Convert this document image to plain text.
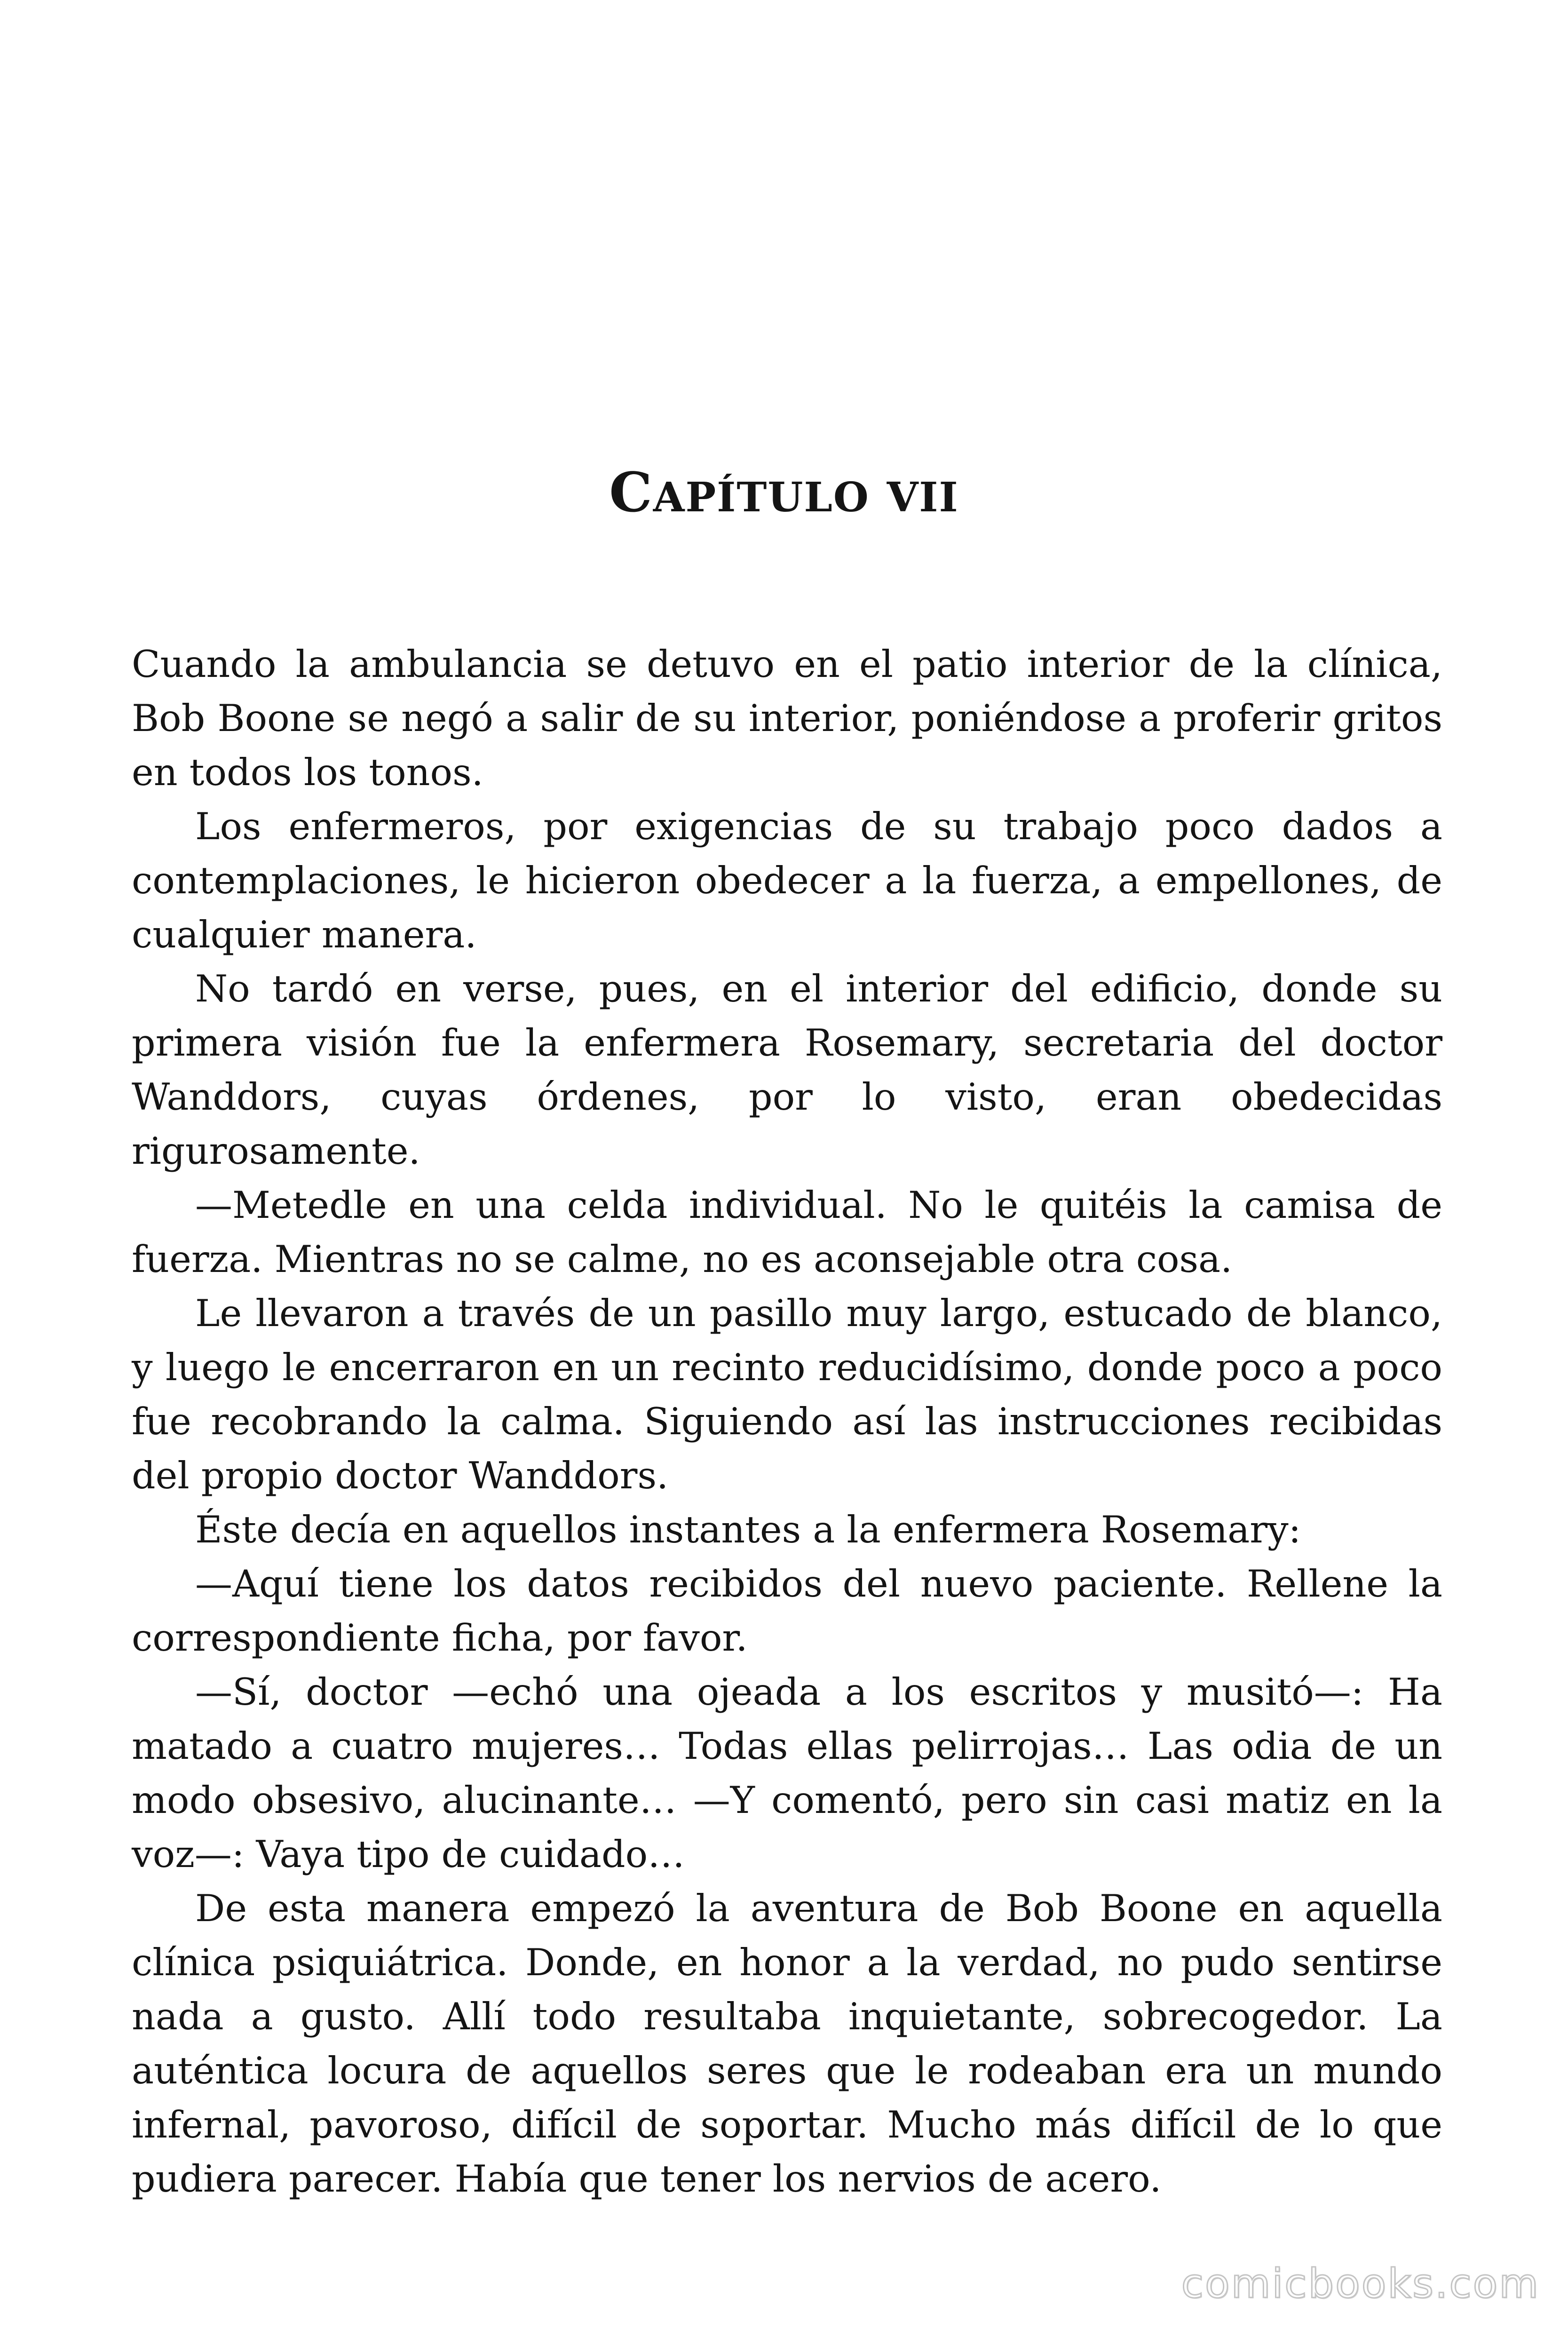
CAPÍTULO VII

Cuando la ambulancia se detuvo en el patio interior de la clínica, Bob Boone se negó a salir de su interior, poniéndose a proferir gritos en todos los tonos.

Los enfermeros, por exigencias de su trabajo poco dados a contemplaciones, le hicieron obedecer a la fuerza, a empellones, de cualquier manera.

No tardó en verse, pues, en el interior del edificio, donde su primera visión fue la enfermera Rosemary, secretaria del doctor Wanddors, cuyas órdenes, por lo visto, eran obedecidas rigurosamente.

—Metedle en una celda individual. No le quitéis la camisa de fuerza. Mientras no se calme, no es aconsejable otra cosa.

Le llevaron a través de un pasillo muy largo, estucado de blanco, y luego le encerraron en un recinto reducidísimo, donde poco a poco fue recobrando la calma. Siguiendo así las instrucciones recibidas del propio doctor Wanddors.

Éste decía en aquellos instantes a la enfermera Rosemary:

—Aquí tiene los datos recibidos del nuevo paciente. Rellene la correspondiente ficha, por favor.

—Sí, doctor —echó una ojeada a los escritos y musitó—: Ha matado a cuatro mujeres… Todas ellas pelirrojas… Las odia de un modo obsesivo, alucinante… —Y comentó, pero sin casi matiz en la voz—: Vaya tipo de cuidado…

De esta manera empezó la aventura de Bob Boone en aquella clínica psiquiátrica. Donde, en honor a la verdad, no pudo sentirse nada a gusto. Allí todo resultaba inquietante, sobrecogedor. La auténtica locura de aquellos seres que le rodeaban era un mundo infernal, pavoroso, difícil de soportar. Mucho más difícil de lo que pudiera parecer. Había que tener los nervios de acero.

comicbooks.com
